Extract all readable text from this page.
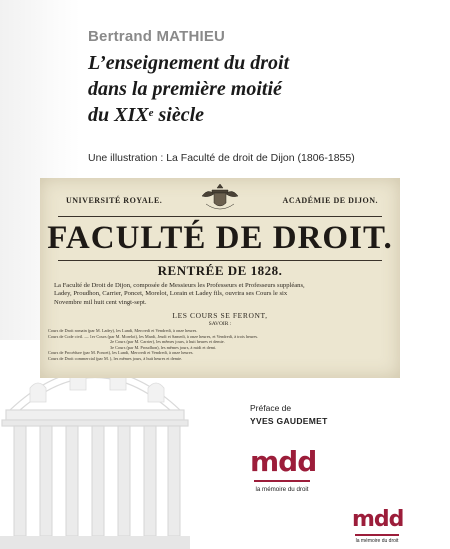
Bertrand MATHIEU
L’enseignement du droit
dans la première moitié
du XIXe siècle
Une illustration : La Faculté de droit de Dijon (1806-1855)
UNIVERSITÉ ROYALE.	ACADÉMIE DE DIJON.
FACULTÉ DE DROIT.
RENTRÉE DE 1828.
La Faculté de Droit de Dijon, composée de Messieurs les Professeurs et Professeurs suppléans,
Ladey, Proudhon, Carrier, Poncet, Morelot, Lorain et Ladey fils, ouvrira ses Cours le six
Novembre mil huit cent vingt-sept.
LES COURS SE FERONT,
SAVOIR :
Cours de Droit romain (par M. Ladey), les Lundi, Mercredi et Vendredi, à onze heures.
Cours de Code civil. — 1er Cours (par M. Morelot), les Mardi, Jeudi et Samedi, à onze heures, et Vendredi, à trois heures.
2e Cours (par M. Carrier), les mêmes jours, à huit heures et demie.
3e Cours (par M. Proudhon), les mêmes jours, à midi et demi.
Cours de Procédure (par M. Poncet), les Lundi, Mercredi et Vendredi, à onze heures.
Cours de Droit commercial (par M. ), les mêmes jours, à huit heures et demie.
Préface de
YVES GAUDEMET
mdd
la mémoire du droit
mdd
la mémoire du droit
